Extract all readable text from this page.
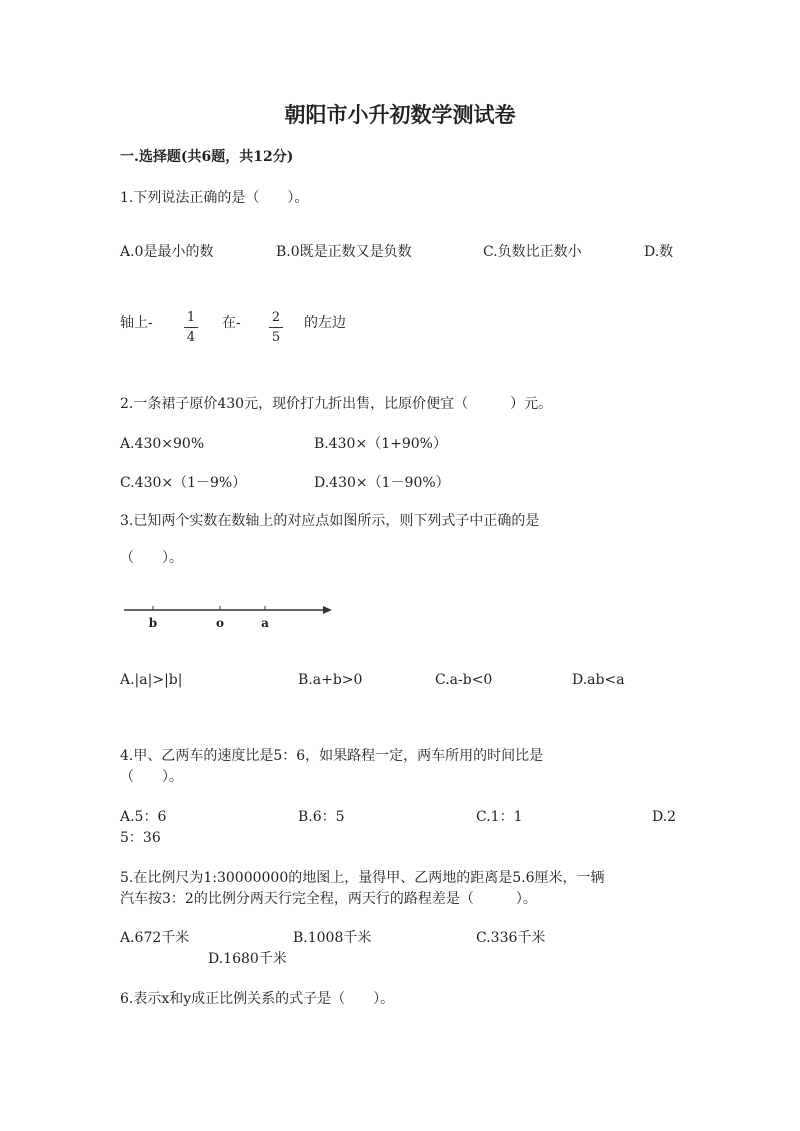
朝阳市小升初数学测试卷
一.选择题(共6题，共12分)
1.下列说法正确的是（　　）。
A.0是最小的数	B.0既是正数又是负数	C.负数比正数小	D.数
轴上-	1
4
在- 2
5
的左边
2.一条裙子原价430元，现价打九折出售，比原价便宜（　　　）元。
A.430×90%	B.430×（1+90%）
C.430×（1－9%）	D.430×（1－90%）
3.已知两个实数在数轴上的对应点如图所示，则下列式子中正确的是
（　　）。
b	o	a
A.|a|>|b|	B.a+b>0	C.a-b<0	D.ab<a
4.甲、乙两车的速度比是5：6，如果路程一定，两车所用的时间比是
（　　）。
A.5：6	B.6：5	C.1：1	D.2
5：36
5.在比例尺为1:30000000的地图上，量得甲、乙两地的距离是5.6厘米，一辆
汽车按3：2的比例分两天行完全程，两天行的路程差是（　　　）。
A.672千米	B.1008千米	C.336千米
D.1680千米
6.表示x和y成正比例关系的式子是（　　）。
